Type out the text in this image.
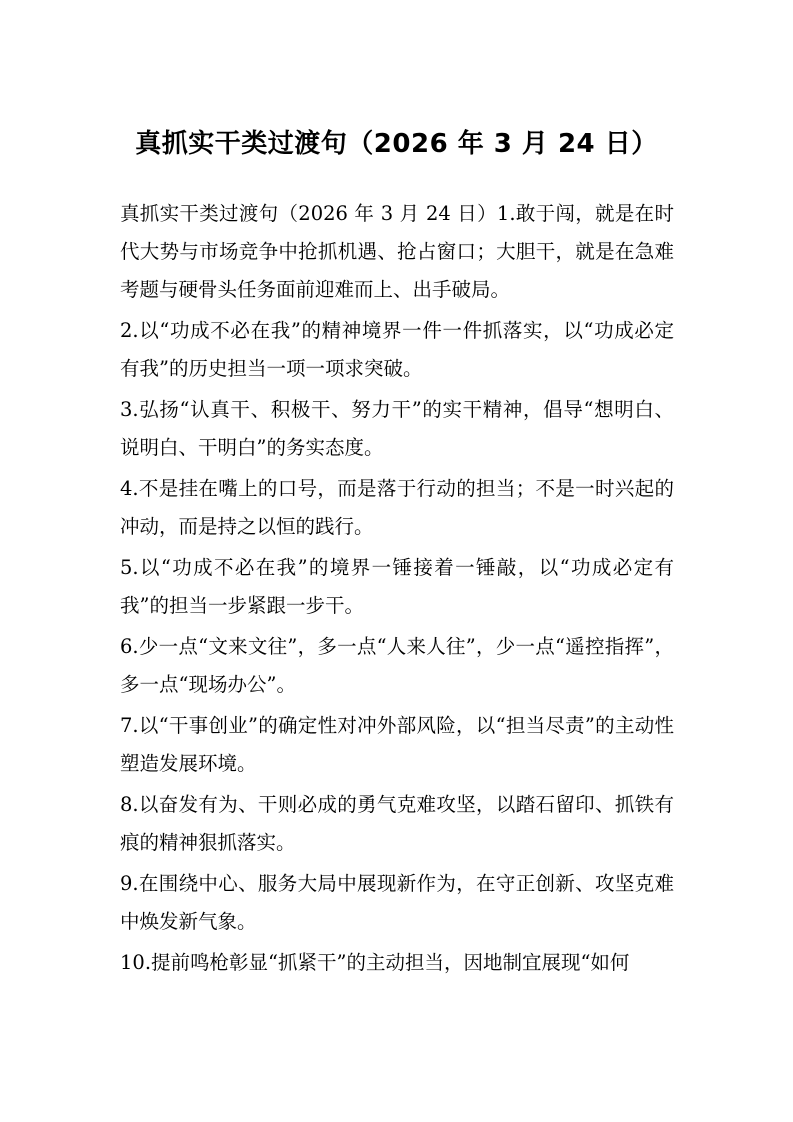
真抓实干类过渡句（2026 年 3 月 24 日）

真抓实干类过渡句（2026 年 3 月 24 日）1.敢于闯，就是在时代大势与市场竞争中抢抓机遇、抢占窗口；大胆干，就是在急难考题与硬骨头任务面前迎难而上、出手破局。

2.以“功成不必在我”的精神境界一件一件抓落实，以“功成必定有我”的历史担当一项一项求突破。

3.弘扬“认真干、积极干、努力干”的实干精神，倡导“想明白、说明白、干明白”的务实态度。

4.不是挂在嘴上的口号，而是落于行动的担当；不是一时兴起的冲动，而是持之以恒的践行。

5.以“功成不必在我”的境界一锤接着一锤敲，以“功成必定有我”的担当一步紧跟一步干。

6.少一点“文来文往”，多一点“人来人往”，少一点“遥控指挥”，多一点“现场办公”。

7.以“干事创业”的确定性对冲外部风险，以“担当尽责”的主动性塑造发展环境。

8.以奋发有为、干则必成的勇气克难攻坚，以踏石留印、抓铁有痕的精神狠抓落实。

9.在围绕中心、服务大局中展现新作为，在守正创新、攻坚克难中焕发新气象。

10.提前鸣枪彰显“抓紧干”的主动担当，因地制宜展现“如何
